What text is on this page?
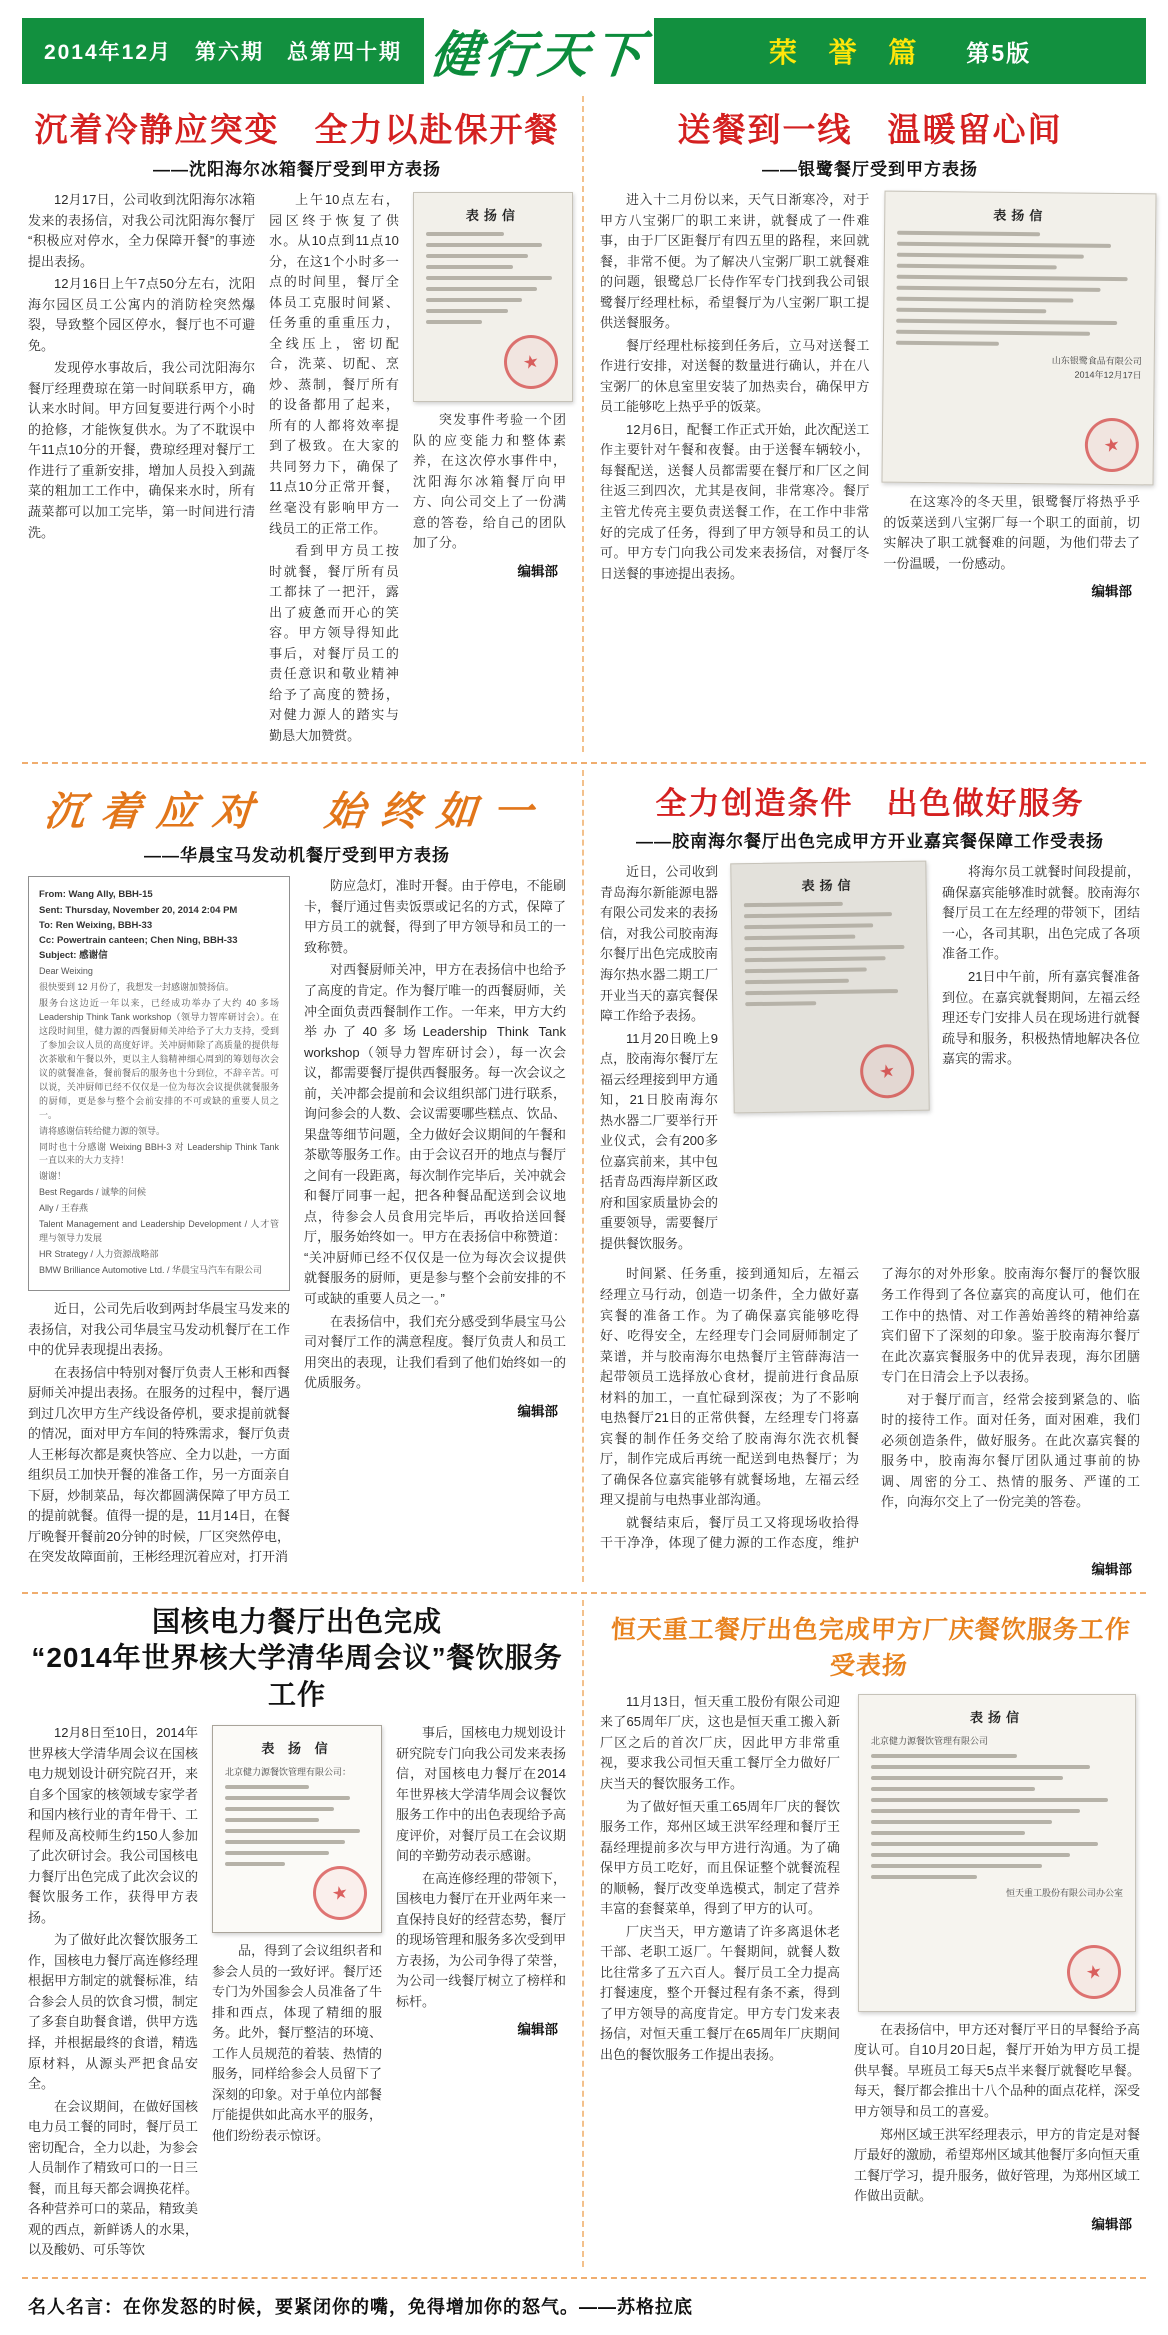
2014年12月　第六期　总第四十期 健行天下	荣 誉 篇 第5版
沉着冷静应突变　全力以赴保开餐
——沈阳海尔冰箱餐厅受到甲方表扬

12月17日，公司收到沈阳海尔冰箱发来的表扬信，对我公司沈阳海尔餐厅“积极应对停水，全力保障开餐”的事迹提出表扬。

12月16日上午7点50分左右，沈阳海尔园区员工公寓内的消防栓突然爆裂，导致整个园区停水，餐厅也不可避免。

发现停水事故后，我公司沈阳海尔餐厅经理费琼在第一时间联系甲方，确认来水时间。甲方回复要进行两个小时的抢修，才能恢复供水。为了不耽误中午11点10分的开餐，费琼经理对餐厅工作进行了重新安排，增加人员投入到蔬菜的粗加工工作中，确保来水时，所有蔬菜都可以加工完毕，第一时间进行清洗。

上午10点左右，园区终于恢复了供水。从10点到11点10分，在这1个小时多一点的时间里，餐厅全体员工克服时间紧、任务重的重重压力，全线压上，密切配合，洗菜、切配、烹炒、蒸制，餐厅所有的设备都用了起来，所有的人都将效率提到了极致。在大家的共同努力下，确保了11点10分正常开餐，丝毫没有影响甲方一线员工的正常工作。

看到甲方员工按时就餐，餐厅所有员工都抹了一把汗，露出了疲惫而开心的笑容。甲方领导得知此事后，对餐厅员工的责任意识和敬业精神给予了高度的赞扬，对健力源人的踏实与勤恳大加赞赏。

表扬信
★

突发事件考验一个团队的应变能力和整体素养，在这次停水事件中，沈阳海尔冰箱餐厅向甲方、向公司交上了一份满意的答卷，给自己的团队加了分。

编辑部
送餐到一线　温暖留心间
——银鹭餐厅受到甲方表扬

进入十二月份以来，天气日渐寒冷，对于甲方八宝粥厂的职工来讲，就餐成了一件难事，由于厂区距餐厅有四五里的路程，来回就餐，非常不便。为了解决八宝粥厂职工就餐难的问题，银鹭总厂长侍作军专门找到我公司银鹭餐厅经理杜标，希望餐厅为八宝粥厂职工提供送餐服务。

餐厅经理杜标接到任务后，立马对送餐工作进行安排，对送餐的数量进行确认，并在八宝粥厂的休息室里安装了加热卖台，确保甲方员工能够吃上热乎乎的饭菜。

12月6日，配餐工作正式开始，此次配送工作主要针对午餐和夜餐。由于送餐车辆较小，每餐配送，送餐人员都需要在餐厅和厂区之间往返三到四次，尤其是夜间，非常寒冷。餐厅主管尤传亮主要负责送餐工作，在工作中非常好的完成了任务，得到了甲方领导和员工的认可。甲方专门向我公司发来表扬信，对餐厅冬日送餐的事迹提出表扬。

表扬信
山东银鹭食品有限公司
2014年12月17日
★

在这寒冷的冬天里，银鹭餐厅将热乎乎的饭菜送到八宝粥厂每一个职工的面前，切实解决了职工就餐难的问题，为他们带去了一份温暖，一份感动。

编辑部
沉着应对　始终如一
——华晨宝马发动机餐厅受到甲方表扬

From: Wang Ally, BBH-15

Sent: Thursday, November 20, 2014 2:04 PM

To: Ren Weixing, BBH-33

Cc: Powertrain canteen; Chen Ning, BBH-33

Subject: 感谢信

Dear Weixing

很快要到 12 月份了，我想发一封感谢加赞扬信。

服务台这边近一年以来，已经成功举办了大约 40 多场 Leadership Think Tank workshop（领导力智库研讨会）。在这段时间里，健力源的西餐厨师关冲给予了大力支持，受到了参加会议人员的高度好评。关冲厨师除了高质量的提供每次茶歇和午餐以外，更以主人翁精神细心周到的筹划每次会议的就餐准备，餐前餐后的服务也十分到位，不辞辛苦。可以说，关冲厨师已经不仅仅是一位为每次会议提供就餐服务的厨师，更是参与整个会前安排的不可或缺的重要人员之一。

请将感谢信转给健力源的领导。

同时也十分感谢 Weixing BBH-3 对 Leadership Think Tank 一直以来的大力支持！

谢谢！

Best Regards / 诚挚的问候

Ally / 王春燕

Talent Management and Leadership Development / 人才管理与领导力发展

HR Strategy / 人力资源战略部

BMW Brilliance Automotive Ltd. / 华晨宝马汽车有限公司

近日，公司先后收到两封华晨宝马发来的表扬信，对我公司华晨宝马发动机餐厅在工作中的优异表现提出表扬。

在表扬信中特别对餐厅负责人王彬和西餐厨师关冲提出表扬。在服务的过程中，餐厅遇到过几次甲方生产线设备停机，要求提前就餐的情况，面对甲方车间的特殊需求，餐厅负责人王彬每次都是爽快答应、全力以赴，一方面组织员工加快开餐的准备工作，另一方面亲自下厨，炒制菜品，每次都圆满保障了甲方员工的提前就餐。值得一提的是，11月14日，在餐厅晚餐开餐前20分钟的时候，厂区突然停电，在突发故障面前，王彬经理沉着应对，打开消

防应急灯，准时开餐。由于停电，不能刷卡，餐厅通过售卖饭票或记名的方式，保障了甲方员工的就餐，得到了甲方领导和员工的一致称赞。

对西餐厨师关冲，甲方在表扬信中也给予了高度的肯定。作为餐厅唯一的西餐厨师，关冲全面负责西餐制作工作。一年来，甲方大约举办了40多场Leadership Think Tank workshop（领导力智库研讨会），每一次会议，都需要餐厅提供西餐服务。每一次会议之前，关冲都会提前和会议组织部门进行联系，询问参会的人数、会议需要哪些糕点、饮品、果盘等细节问题，全力做好会议期间的午餐和茶歇等服务工作。由于会议召开的地点与餐厅之间有一段距离，每次制作完毕后，关冲就会和餐厅同事一起，把各种餐品配送到会议地点，待参会人员食用完毕后，再收拾送回餐厅，服务始终如一。甲方在表扬信中称赞道：“关冲厨师已经不仅仅是一位为每次会议提供就餐服务的厨师，更是参与整个会前安排的不可或缺的重要人员之一。”

在表扬信中，我们充分感受到华晨宝马公司对餐厅工作的满意程度。餐厅负责人和员工用突出的表现，让我们看到了他们始终如一的优质服务。

编辑部
全力创造条件　出色做好服务
——胶南海尔餐厅出色完成甲方开业嘉宾餐保障工作受表扬

近日，公司收到青岛海尔新能源电器有限公司发来的表扬信，对我公司胶南海尔餐厅出色完成胶南海尔热水器二期工厂开业当天的嘉宾餐保障工作给予表扬。

11月20日晚上9点，胶南海尔餐厅左福云经理接到甲方通知，21日胶南海尔热水器二厂要举行开业仪式，会有200多位嘉宾前来，其中包括青岛西海岸新区政府和国家质量协会的重要领导，需要餐厅提供餐饮服务。

表扬信
★

将海尔员工就餐时间段提前，确保嘉宾能够准时就餐。胶南海尔餐厅员工在左经理的带领下，团结一心，各司其职，出色完成了各项准备工作。

21日中午前，所有嘉宾餐准备到位。在嘉宾就餐期间，左福云经理还专门安排人员在现场进行就餐疏导和服务，积极热情地解决各位嘉宾的需求。

时间紧、任务重，接到通知后，左福云经理立马行动，创造一切条件，全力做好嘉宾餐的准备工作。为了确保嘉宾能够吃得好、吃得安全，左经理专门会同厨师制定了菜谱，并与胶南海尔电热餐厅主管薛海洁一起带领员工选择放心食材，提前进行食品原材料的加工，一直忙碌到深夜；为了不影响电热餐厅21日的正常供餐，左经理专门将嘉宾餐的制作任务交给了胶南海尔洗衣机餐厅，制作完成后再统一配送到电热餐厅；为了确保各位嘉宾能够有就餐场地，左福云经理又提前与电热事业部沟通。

就餐结束后，餐厅员工又将现场收拾得干干净净，体现了健力源的工作态度，维护了海尔的对外形象。胶南海尔餐厅的餐饮服务工作得到了各位嘉宾的高度认可，他们在工作中的热情、对工作善始善终的精神给嘉宾们留下了深刻的印象。鉴于胶南海尔餐厅在此次嘉宾餐服务中的优异表现，海尔团膳专门在日清会上予以表扬。

对于餐厅而言，经常会接到紧急的、临时的接待工作。面对任务，面对困难，我们必须创造条件，做好服务。在此次嘉宾餐的服务中，胶南海尔餐厅团队通过事前的协调、周密的分工、热情的服务、严谨的工作，向海尔交上了一份完美的答卷。

编辑部
国核电力餐厅出色完成
“2014年世界核大学清华周会议”餐饮服务工作

12月8日至10日，2014年世界核大学清华周会议在国核电力规划设计研究院召开，来自多个国家的核领域专家学者和国内核行业的青年骨干、工程师及高校师生约150人参加了此次研讨会。我公司国核电力餐厅出色完成了此次会议的餐饮服务工作，获得甲方表扬。

为了做好此次餐饮服务工作，国核电力餐厅高连修经理根据甲方制定的就餐标准，结合参会人员的饮食习惯，制定了多套自助餐食谱，供甲方选择，并根据最终的食谱，精选原材料，从源头严把食品安全。

在会议期间，在做好国核电力员工餐的同时，餐厅员工密切配合，全力以赴，为参会人员制作了精致可口的一日三餐，而且每天都会调换花样。各种营养可口的菜品，精致美观的西点，新鲜诱人的水果，以及酸奶、可乐等饮

表 扬 信
北京健力源餐饮管理有限公司：
★

品，得到了会议组织者和参会人员的一致好评。餐厅还专门为外国参会人员准备了牛排和西点，体现了精细的服务。此外，餐厅整洁的环境、工作人员规范的着装、热情的服务，同样给参会人员留下了深刻的印象。对于单位内部餐厅能提供如此高水平的服务，他们纷纷表示惊讶。

事后，国核电力规划设计研究院专门向我公司发来表扬信，对国核电力餐厅在2014年世界核大学清华周会议餐饮服务工作中的出色表现给予高度评价，对餐厅员工在会议期间的辛勤劳动表示感谢。

在高连修经理的带领下，国核电力餐厅在开业两年来一直保持良好的经营态势，餐厅的现场管理和服务多次受到甲方表扬，为公司争得了荣誉，为公司一线餐厅树立了榜样和标杆。

编辑部
恒天重工餐厅出色完成甲方厂庆餐饮服务工作受表扬

11月13日，恒天重工股份有限公司迎来了65周年厂庆，这也是恒天重工搬入新厂区之后的首次厂庆，因此甲方非常重视，要求我公司恒天重工餐厅全力做好厂庆当天的餐饮服务工作。

为了做好恒天重工65周年厂庆的餐饮服务工作，郑州区域王洪军经理和餐厅王磊经理提前多次与甲方进行沟通。为了确保甲方员工吃好，而且保证整个就餐流程的顺畅，餐厅改变单选模式，制定了营养丰富的套餐菜单，得到了甲方的认可。

厂庆当天，甲方邀请了许多离退休老干部、老职工返厂。午餐期间，就餐人数比往常多了五六百人。餐厅员工全力提高打餐速度，整个开餐过程有条不紊，得到了甲方领导的高度肯定。甲方专门发来表扬信，对恒天重工餐厅在65周年厂庆期间出色的餐饮服务工作提出表扬。

表扬信
北京健力源餐饮管理有限公司
恒天重工股份有限公司办公室
★

在表扬信中，甲方还对餐厅平日的早餐给予高度认可。自10月20日起，餐厅开始为甲方员工提供早餐。早班员工每天5点半来餐厅就餐吃早餐。每天，餐厅都会推出十八个品种的面点花样，深受甲方领导和员工的喜爱。

郑州区域王洪军经理表示，甲方的肯定是对餐厅最好的激励，希望郑州区域其他餐厅多向恒天重工餐厅学习，提升服务，做好管理，为郑州区域工作做出贡献。

编辑部
名人名言：在你发怒的时候，要紧闭你的嘴，免得增加你的怒气。——苏格拉底
